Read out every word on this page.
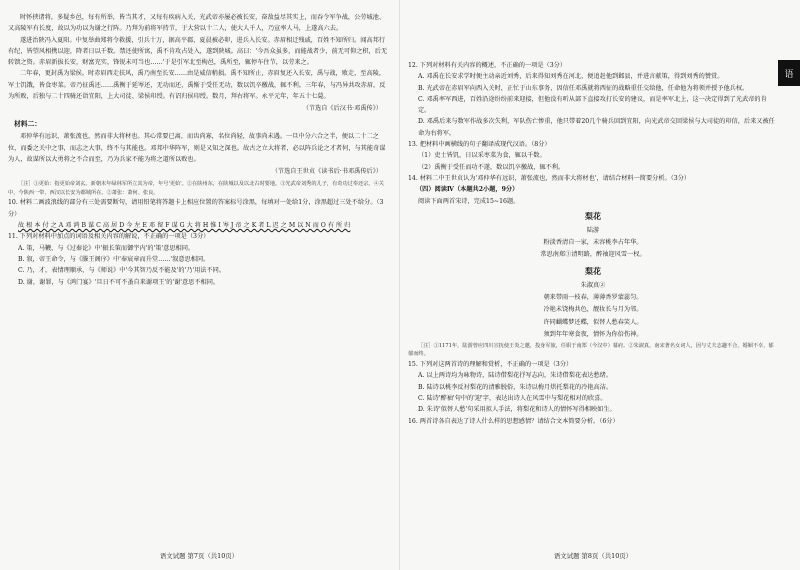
时怀挟诸将，多疑乡邑，每有所举，皆当其才，又每有疾病入关，光武帝亦屡必被长安，奋敌益尽其实上，而吞令军争战，公劳城池、又高陵军有长度，故以为功以为谢之行阵。乃拜为前将军持节，于大营以十二人，使大人千人，乃宣率人马，上遂高六去。

遂进治陕冯入夏阳。中复举曲郑将令救援，引兵十万，据高平郡，夏晨被必卯，进兵入长安。赤眉相迁残戚，百姓不知所归。闻高邦行有纪，皆望风相携以迎，降者日以千数。禁还使所寓，禹不肯攻占处入，遂到陕城。高曰：'今吾众虽多，而能战者少，前无可仰之积，后无转馈之资。赤眉新拔长安，财富充实，锋锐未可当也……'于是引军北至栒邑，禹所至，辄停车住节，以劳来之。

二年春，更封禹为梁侯。时赤眉西走扶风，禹乃南至长安……由是威信稍损。禹不知所止，赤眉复还入长安，禹与战，败走，至高陵，军士饥饿，皆食枣菜。帝乃征禹还……禹衡于延岑还，无功而还，禹惭于受任无功，数以饥卒徼战，辄不利。三年春，与冯异共攻赤眉，反为所败，后独与二十四骑还诣宜阳，上大司徒、梁侯印绶。有诏归侯印绶。数月，拜右将军。永平元年，年五十七薨。

（节选自《后汉书·邓禹传》）

材料二：

邓仲华有远识，萧张流也，然而非大将材也。其心常要已离，而齿尚寡，名位尚轻，故事尚未遇。一旦中分六合之半，便以二十二之位，而委之关中之事，而志之大事，终不与其能也。邓邦中华阵军，则是又知之深也。故古之立大将者，必以阵兵论之才者何，与其能奇谋为人，故谋所以大勇将之不合而至，乃为兵家不能为将之道所以败也。

（节选自王世贞《读书后·书邓禹传后》）

［注］①更始：指更始帝刘玄。新朝末年绿林军所立其为帝，年号'更始'。②在陕州东，在陕城以及以北古时要地。③光武帝刘秀的儿子，有奇功过奉还宗。④关中，今陕西一带，西汉以长安为都城所在。②萧张：萧何、张良。

10. 材料二画波浪线的部分有三处需要断句，请用铅笔将答题卡上相应位置的答案标号涂黑，每填对一处给1分，涂黑超过三处不给分。（3分）

故 根 本 付 之 A 邓 鸿 B 谋 C 高 居 D 今 左 E 邓 留 F 谋 G 大 将 H 惟 I 岑 J 帝 之 K 者 L 迟 之 M 以 N 而 O 有 所 归

11. 下列对材料中加点的词语及相关内容的解说，不正确的一项是（3分）

A. 策，马鞭，与《过秦论》中'振长策而御宇内'的'策'意思相同。

B. 叙，帝王命令，与《滕王阁序》中'奉宸章而升堂……'叙意思相同。

C. 乃，才，表情理顺承，与《师说》中'今其智乃反不能及'的'乃'用法不同。

D. 谢，谢罪，与《鸿门宴》'旦日不可不蚤自来谢项王'的'谢'意思不相同。

语文试题 第7页（共10页）

12. 下列对材料有关内容的概述，不正确的一项是（3分）

A. 邓禹在长安求学时便主动亲近刘秀，后来得知刘秀在河北，便追赶他到邺县，并进言献策，得到刘秀的赞赏。

B. 光武帝在赤眉军向西入关时，正忙于山东事务，因信任邓禹就将西征的战略重任交给他，任命他为将领并授予他兵权。

C. 邓禹率军西进，百姓沿途纷纷前来迎接，但他没有听从部下直接攻打长安的建议，而是率军北上，这一决定得到了光武帝的肯定。

D. 邓禹后来与数军作战多次失利，军队伤亡惨重，他只带着20几个骑兵回到宜阳，向光武帝交回梁侯与大司徒的印信，后来又被任命为右将军。

13. 把材料中画横线的句子翻译成现代汉语。（8分）

（1）吏士皆饥，日以采枣菜为食，辄以千数。

（2）禹衡于受任而功不遂，数以饥卒徼战，辄不利。

14. 材料二中王世贞认为'邓仲华有远识，萧张流也，然而非大将材也'，请结合材料一简要分析。（3分）

（四）阅读Ⅳ（本题共2小题，9分）

阅读下面两首宋诗，完成15~16题。

梨花

陆游

粉淡香清自一家，未容桃李占年华。

常思南郑①清明路，醉袖迎风雪一杈。

梨花

朱淑真②

朝来带雨一枝春，薄薄香罗蒙蕊匀。

冷艳未饶梅共色，靓妆长与月为邻。

许同蝴蝶梦还蝶，似替人愁春笑人。

须到年年寒食夜，情怀为你倍伤神。

［注］①1171年，陆游曾应四川宣抚使王炎之邀，投身军旅，任职于南郑（今汉中）幕府。②朱淑真，南宋著名女词人，因与丈夫志趣不合，婚姻不幸，郁郁而终。

15. 下列对这两首诗的理解和赏析，不正确的一项是（3分）

A. 以上两诗均为咏物诗，陆诗借梨花抒写志向，朱诗借梨花表达愁绪。

B. 陆诗以桃李反衬梨花的清雅脱俗，朱诗以梅月烘托梨花的冷艳高洁。

C. 陆诗'醉袖'句中的'迎'字，表达出诗人在风雪中与梨花相对的欣喜。

D. 朱诗'似替人愁'句采用拟人手法，将梨花和诗人的情怀写得相映如生。

16. 两首诗各自表达了诗人什么样的思想感情？请结合文本简要分析。（6分）

语文试题 第8页（共10页）
语
